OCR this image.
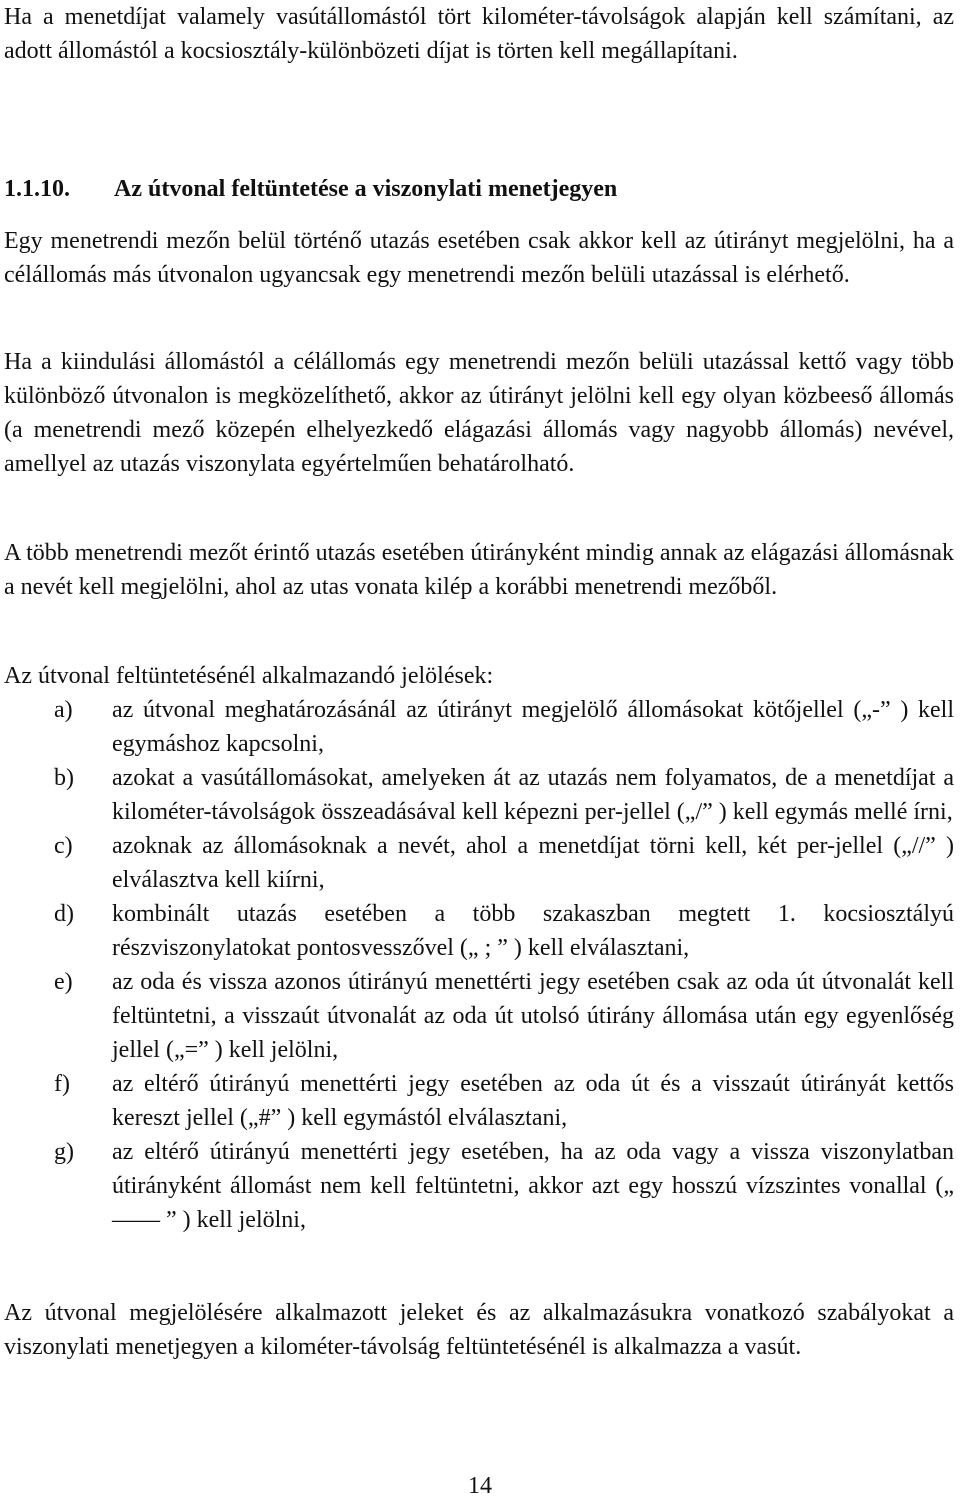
Ha a menetdíjat valamely vasútállomástól tört kilométer-távolságok alapján kell számítani, az adott állomástól a kocsiosztály-különbözeti díjat is törten kell megállapítani.

1.1.10. Az útvonal feltüntetése a viszonylati menetjegyen

Egy menetrendi mezőn belül történő utazás esetében csak akkor kell az útirányt megjelölni, ha a célállomás más útvonalon ugyancsak egy menetrendi mezőn belüli utazással is elérhető.

Ha a kiindulási állomástól a célállomás egy menetrendi mezőn belüli utazással kettő vagy több különböző útvonalon is megközelíthető, akkor az útirányt jelölni kell egy olyan közbeeső állomás (a menetrendi mező közepén elhelyezkedő elágazási állomás vagy nagyobb állomás) nevével, amellyel az utazás viszonylata egyértelműen behatárolható.

A több menetrendi mezőt érintő utazás esetében útirányként mindig annak az elágazási állomásnak a nevét kell megjelölni, ahol az utas vonata kilép a korábbi menetrendi mezőből.

Az útvonal feltüntetésénél alkalmazandó jelölések:

a) az útvonal meghatározásánál az útirányt megjelölő állomásokat kötőjellel („-” ) kell egymáshoz kapcsolni,
b) azokat a vasútállomásokat, amelyeken át az utazás nem folyamatos, de a menetdíjat a kilométer-távolságok összeadásával kell képezni per-jellel („/” ) kell egymás mellé írni,
c) azoknak az állomásoknak a nevét, ahol a menetdíjat törni kell, két per-jellel („//” ) elválasztva kell kiírni,
d) kombinált utazás esetében a több szakaszban megtett 1. kocsiosztályú részviszonylatokat pontosvesszővel („ ; ” ) kell elválasztani,
e) az oda és vissza azonos útirányú menettérti jegy esetében csak az oda út útvonalát kell feltüntetni, a visszaút útvonalát az oda út utolsó útirány állomása után egy egyenlőség jellel („=” ) kell jelölni,
f) az eltérő útirányú menettérti jegy esetében az oda út és a visszaút útirányát kettős kereszt jellel („#” ) kell egymástól elválasztani,
g) az eltérő útirányú menettérti jegy esetében, ha az oda vagy a vissza viszonylatban útirányként állomást nem kell feltüntetni, akkor azt egy hosszú vízszintes vonallal („ —— ” ) kell jelölni,

Az útvonal megjelölésére alkalmazott jeleket és az alkalmazásukra vonatkozó szabályokat a viszonylati menetjegyen a kilométer-távolság feltüntetésénél is alkalmazza a vasút.

14
